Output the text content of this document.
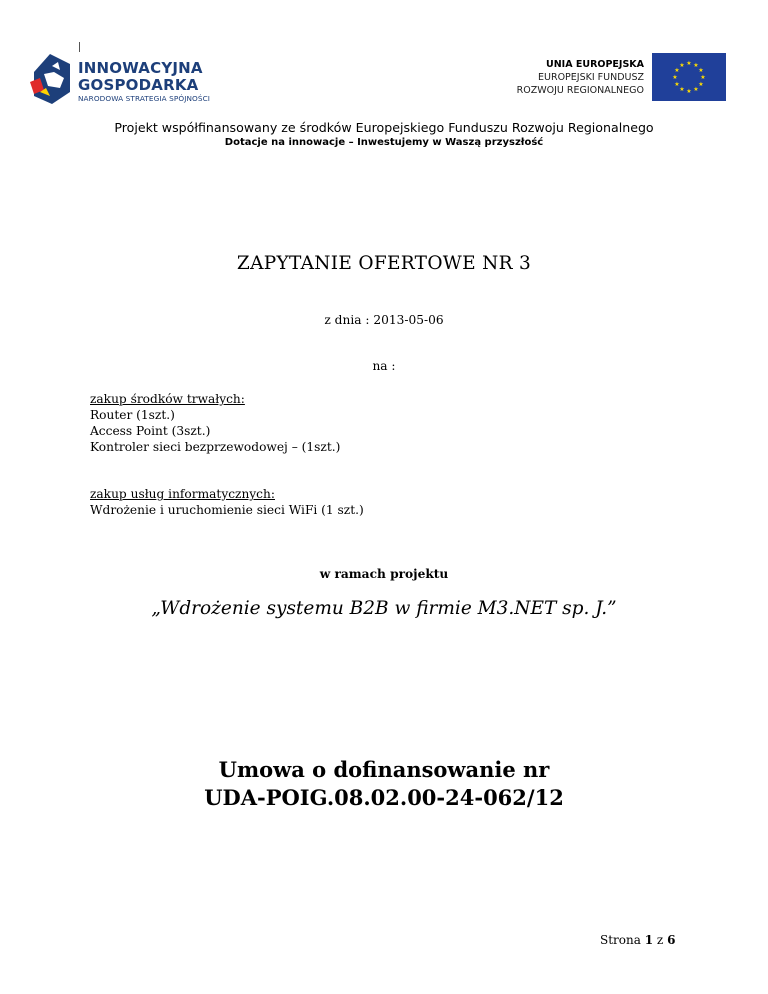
INNOWACYJNA
GOSPODARKA
NARODOWA STRATEGIA SPÓJNOŚCI
UNIA EUROPEJSKA
EUROPEJSKI FUNDUSZ
ROZWOJU REGIONALNEGO
★ ★
★
★
★
★
★
★
★
★
★
★
Projekt współfinansowany ze środków Europejskiego Funduszu Rozwoju Regionalnego
Dotacje na innowacje – Inwestujemy w Waszą przyszłość
ZAPYTANIE OFERTOWE NR 3
z dnia : 2013-05-06
na :
zakup środków trwałych:
Router (1szt.)
Access Point (3szt.)
Kontroler sieci bezprzewodowej – (1szt.)
zakup usług informatycznych:
Wdrożenie i uruchomienie sieci WiFi (1 szt.)
w ramach projektu
„Wdrożenie systemu B2B w firmie M3.NET sp. J.”
Umowa o dofinansowanie nr
UDA-POIG.08.02.00-24-062/12
Strona 1 z 6
